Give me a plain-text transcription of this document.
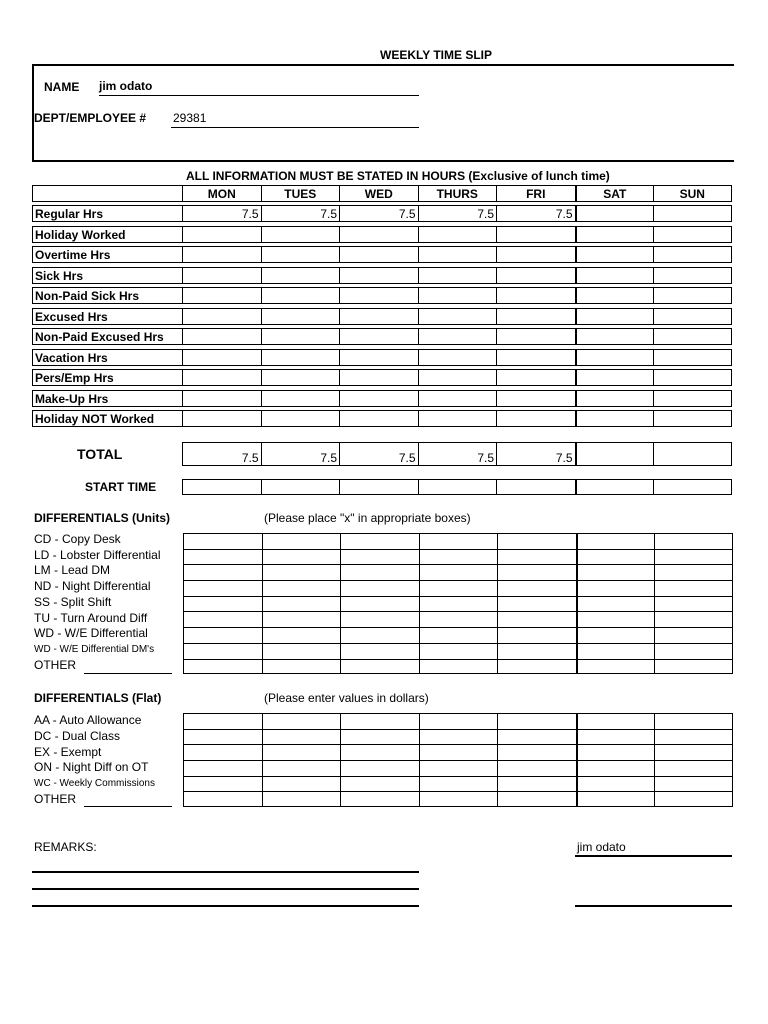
WEEKLY TIME SLIP
NAME jim odato
DEPT/EMPLOYEE # 29381
ALL INFORMATION MUST BE STATED IN HOURS (Exclusive of lunch time)
MON	TUES	WED	THURS	FRI	SAT	SUN
Regular Hrs	7.5	7.5	7.5	7.5	7.5
Holiday Worked
Overtime Hrs
Sick Hrs
Non-Paid Sick Hrs
Excused Hrs
Non-Paid Excused Hrs
Vacation Hrs
Pers/Emp Hrs
Make-Up Hrs
Holiday NOT Worked
TOTAL	7.5	7.5	7.5	7.5	7.5
START TIME
DIFFERENTIALS (Units)	(Please place "x" in appropriate boxes)
CD - Copy Desk
LD - Lobster Differential
LM - Lead DM
ND - Night Differential
SS - Split Shift
TU - Turn Around Diff
WD - W/E Differential
WD - W/E Differential DM's
OTHER
DIFFERENTIALS (Flat)	(Please enter values in dollars)
AA - Auto Allowance
DC - Dual Class
EX - Exempt
ON - Night Diff on OT
WC - Weekly Commissions
OTHER
REMARKS:	jim odato
